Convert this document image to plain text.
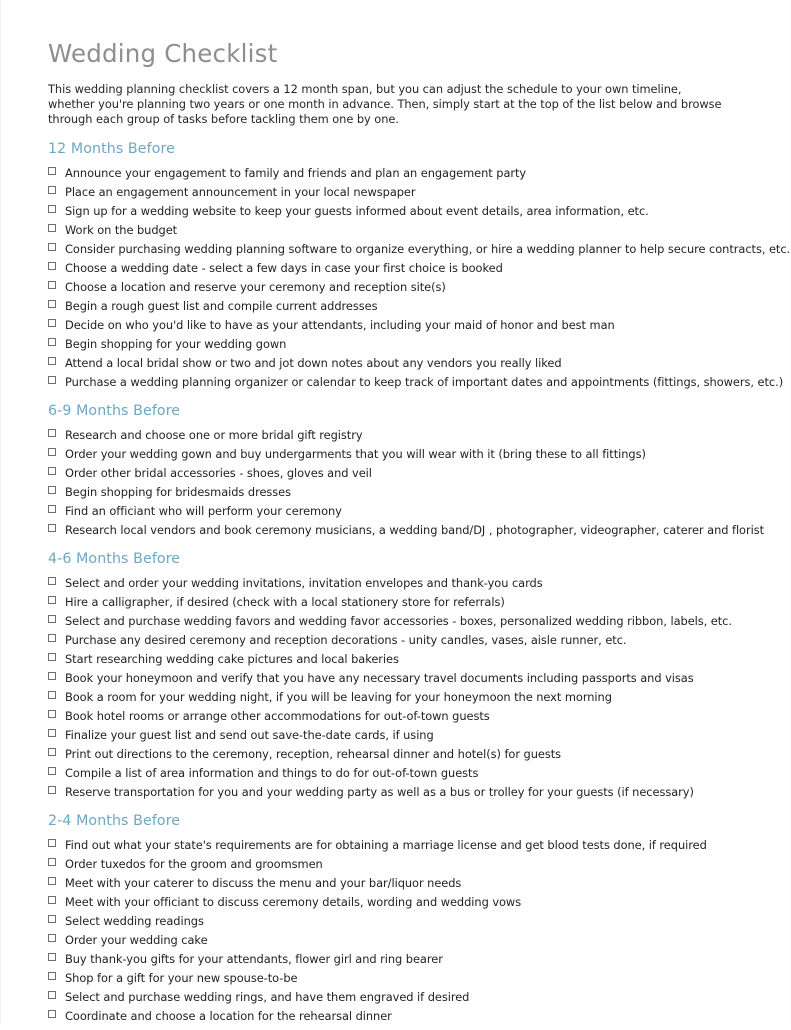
Wedding Checklist

This wedding planning checklist covers a 12 month span, but you can adjust the schedule to your own timeline, whether you're planning two years or one month in advance. Then, simply start at the top of the list below and browse through each group of tasks before tackling them one by one.

12 Months Before
Announce your engagement to family and friends and plan an engagement party
Place an engagement announcement in your local newspaper
Sign up for a wedding website to keep your guests informed about event details, area information, etc.
Work on the budget
Consider purchasing wedding planning software to organize everything, or hire a wedding planner to help secure contracts, etc.
Choose a wedding date - select a few days in case your first choice is booked
Choose a location and reserve your ceremony and reception site(s)
Begin a rough guest list and compile current addresses
Decide on who you'd like to have as your attendants, including your maid of honor and best man
Begin shopping for your wedding gown
Attend a local bridal show or two and jot down notes about any vendors you really liked
Purchase a wedding planning organizer or calendar to keep track of important dates and appointments (fittings, showers, etc.)
6-9 Months Before
Research and choose one or more bridal gift registry
Order your wedding gown and buy undergarments that you will wear with it (bring these to all fittings)
Order other bridal accessories - shoes, gloves and veil
Begin shopping for bridesmaids dresses
Find an officiant who will perform your ceremony
Research local vendors and book ceremony musicians, a wedding band/DJ , photographer, videographer, caterer and florist
4-6 Months Before
Select and order your wedding invitations, invitation envelopes and thank-you cards
Hire a calligrapher, if desired (check with a local stationery store for referrals)
Select and purchase wedding favors and wedding favor accessories - boxes, personalized wedding ribbon, labels, etc.
Purchase any desired ceremony and reception decorations - unity candles, vases, aisle runner, etc.
Start researching wedding cake pictures and local bakeries
Book your honeymoon and verify that you have any necessary travel documents including passports and visas
Book a room for your wedding night, if you will be leaving for your honeymoon the next morning
Book hotel rooms or arrange other accommodations for out-of-town guests
Finalize your guest list and send out save-the-date cards, if using
Print out directions to the ceremony, reception, rehearsal dinner and hotel(s) for guests
Compile a list of area information and things to do for out-of-town guests
Reserve transportation for you and your wedding party as well as a bus or trolley for your guests (if necessary)
2-4 Months Before
Find out what your state's requirements are for obtaining a marriage license and get blood tests done, if required
Order tuxedos for the groom and groomsmen
Meet with your caterer to discuss the menu and your bar/liquor needs
Meet with your officiant to discuss ceremony details, wording and wedding vows
Select wedding readings
Order your wedding cake
Buy thank-you gifts for your attendants, flower girl and ring bearer
Shop for a gift for your new spouse-to-be
Select and purchase wedding rings, and have them engraved if desired
Coordinate and choose a location for the rehearsal dinner
